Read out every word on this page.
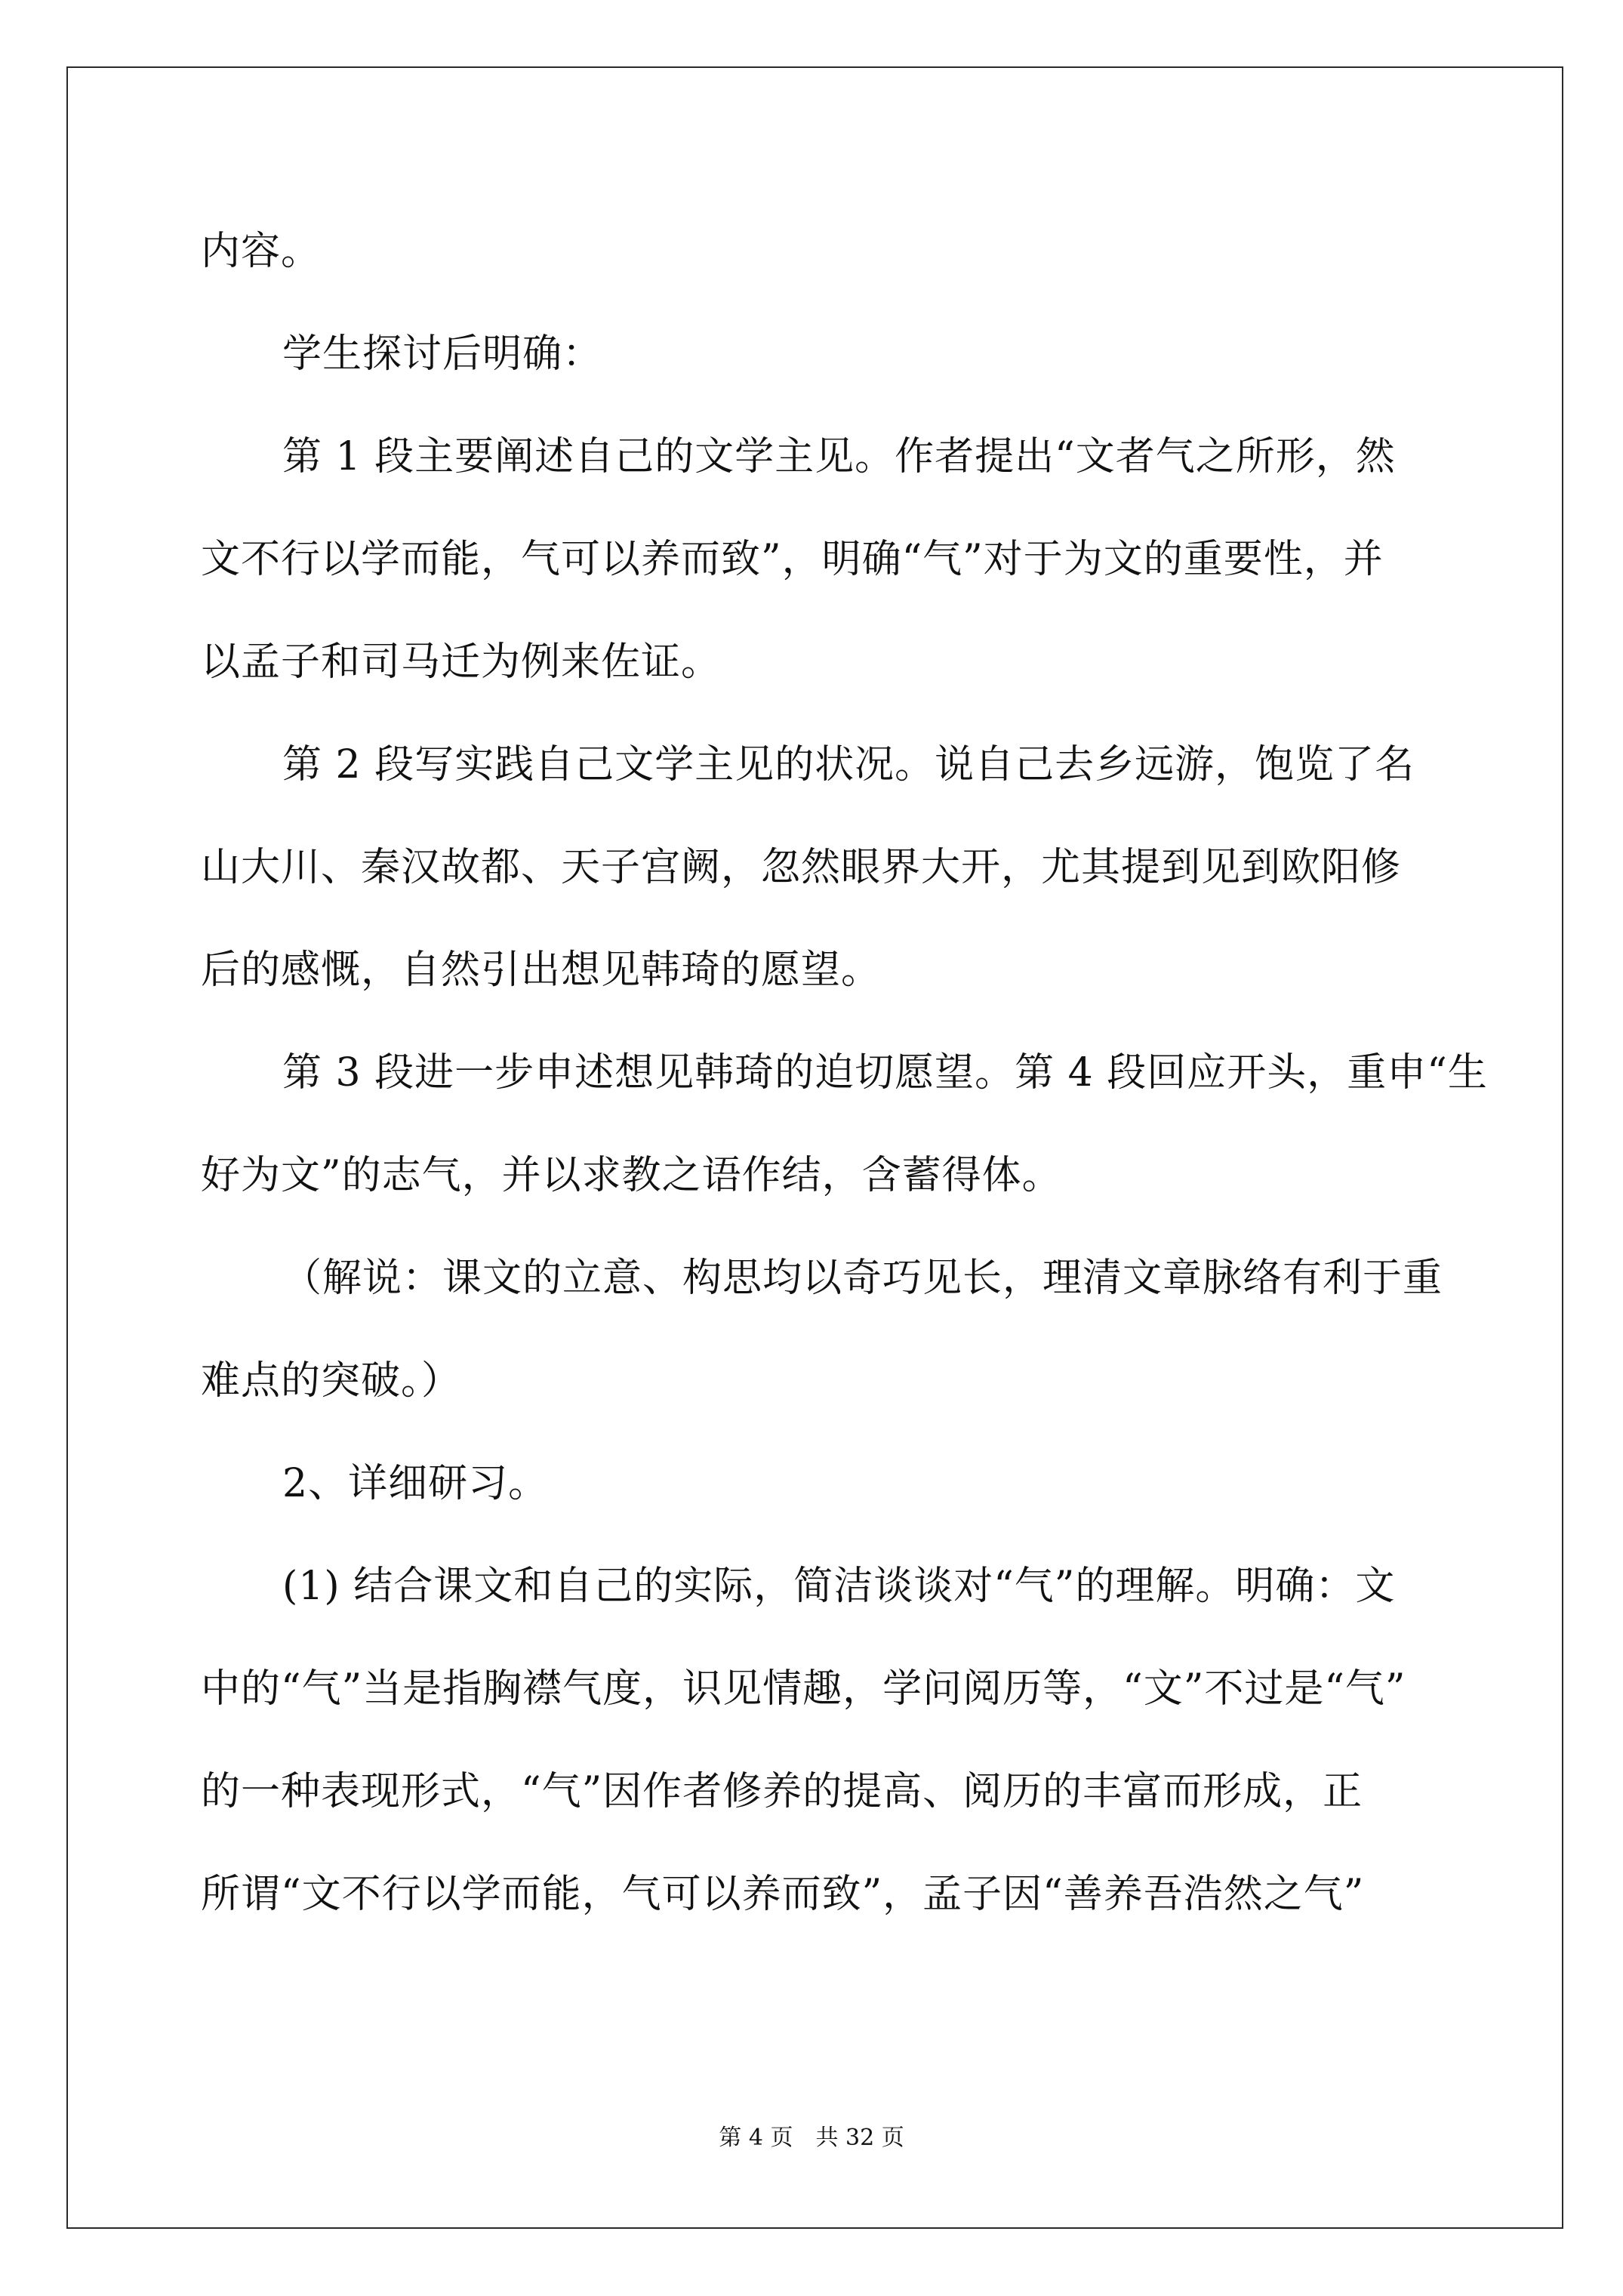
内容。
学生探讨后明确：
第 1 段主要阐述自己的文学主见。作者提出“文者气之所形，然
文不行以学而能，气可以养而致”，明确“气”对于为文的重要性，并
以孟子和司马迁为例来佐证。
第 2 段写实践自己文学主见的状况。说自己去乡远游，饱览了名
山大川、秦汉故都、天子宫阙，忽然眼界大开，尤其提到见到欧阳修
后的感慨，自然引出想见韩琦的愿望。
第 3 段进一步申述想见韩琦的迫切愿望。第 4 段回应开头，重申“生
好为文”的志气，并以求教之语作结，含蓄得体。
（解说：课文的立意、构思均以奇巧见长，理清文章脉络有利于重
难点的突破。）
2、详细研习。
(1) 结合课文和自己的实际，简洁谈谈对“气”的理解。明确：文
中的“气”当是指胸襟气度，识见情趣，学问阅历等，“文”不过是“气”
的一种表现形式，“气”因作者修养的提高、阅历的丰富而形成，正
所谓“文不行以学而能，气可以养而致”，孟子因“善养吾浩然之气”
第 4 页　共 32 页
